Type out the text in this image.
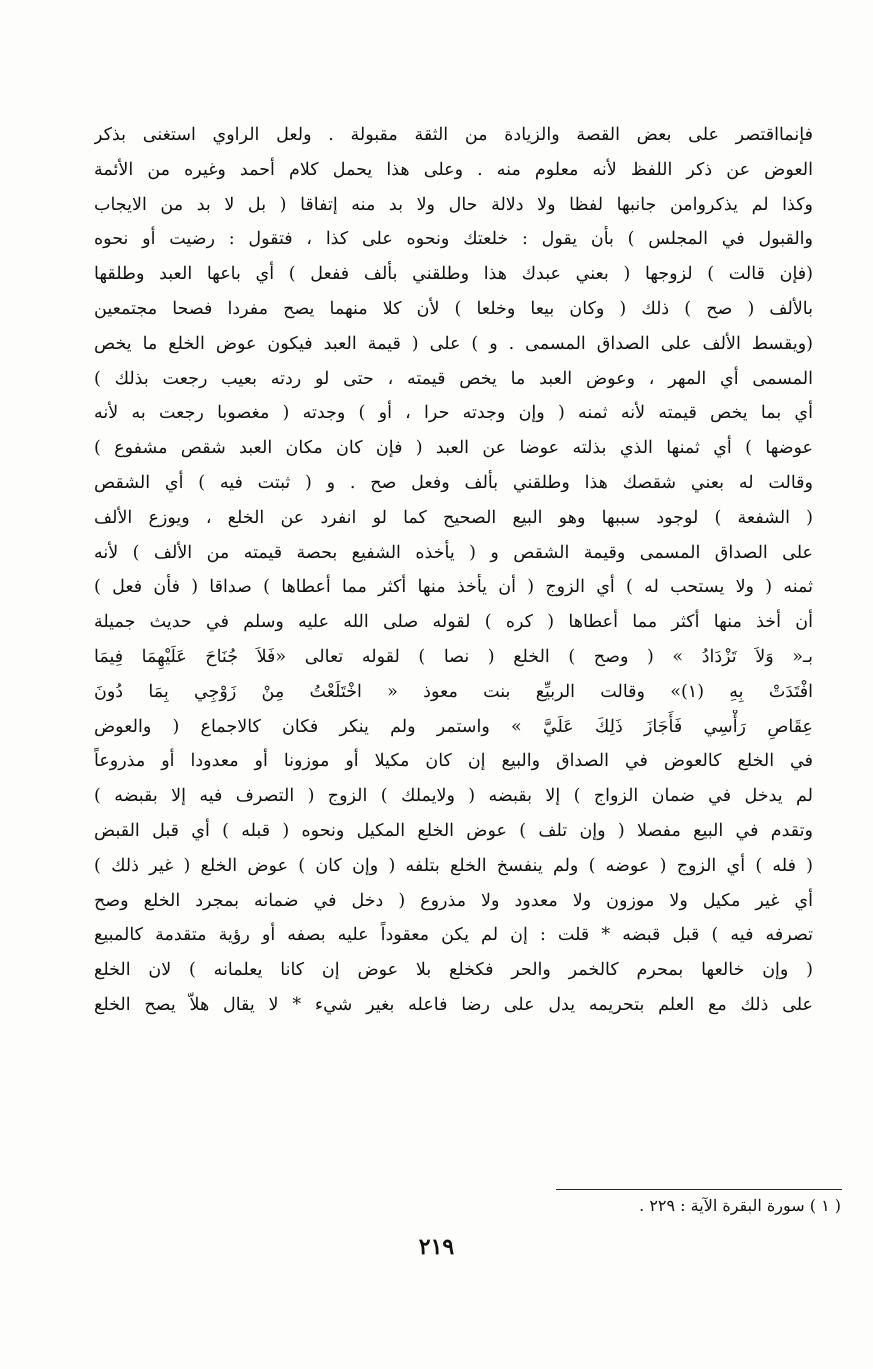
فإنمااقتصر على بعض القصة والزيادة من الثقة مقبولة . ولعل الراوي استغنى بذكر
العوض عن ذكر اللفظ لأنه معلوم منه . وعلى هذا يحمل كلام أحمد وغيره من الأئمة
وكذا لم يذكروامن جانبها لفظا ولا دلالة حال ولا بد منه إتفاقا ( بل لا بد من الايجاب
والقبول في المجلس ) بأن يقول : خلعتك ونحوه على كذا ، فتقول : رضيت أو نحوه
(فإن قالت ) لزوجها ( بعني عبدك هذا وطلقني بألف ففعل ) أي باعها العبد وطلقها
بالألف ( صح ) ذلك ( وكان بيعا وخلعا ) لأن كلا منهما يصح مفردا فصحا مجتمعين
(ويقسط الألف على الصداق المسمى . و ) على ( قيمة العبد فيكون عوض الخلع ما يخص
المسمى أي المهر ، وعوض العبد ما يخص قيمته ، حتى لو ردته بعيب رجعت بذلك )
أي بما يخص قيمته لأنه ثمنه ( وإن وجدته حرا ، أو ) وجدته ( مغصوبا رجعت به لأنه
عوضها ) أي ثمنها الذي بذلته عوضا عن العبد ( فإن كان مكان العبد شقص مشفوع )
وقالت له بعني شقصك هذا وطلقني بألف وفعل صح . و ( ثبتت فيه ) أي الشقص
( الشفعة ) لوجود سببها وهو البيع الصحيح كما لو انفرد عن الخلع ، ويوزع الألف
على الصداق المسمى وقيمة الشقص و ( يأخذه الشفيع بحصة قيمته من الألف ) لأنه
ثمنه ( ولا يستحب له ) أي الزوج ( أن يأخذ منها أكثر مما أعطاها ) صداقا ( فأن فعل )
أن أخذ منها أكثر مما أعطاها ( كره ) لقوله صلى الله عليه وسلم في حديث جميلة
بـ« وَلاَ تَزْدَادُ » ( وصح ) الخلع ( نصا ) لقوله تعالى «فَلاَ جُنَاحَ عَلَيْهِمَا فِيمَا
افْتَدَتْ بِهِ (١)» وقالت الربيِّع بنت معوذ « اخْتَلَعْتُ مِنْ زَوْجِي بِمَا دُونَ
عِقَاصِ رَأْسِي فَأَجَازَ ذَلِكَ عَلَيَّ » واستمر ولم ينكر فكان كالاجماع ( والعوض
في الخلع كالعوض في الصداق والبيع إن كان مكيلا أو موزونا أو معدودا أو مذروعاً
لم يدخل في ضمان الزواج ) إلا بقبضه ( ولايملك ) الزوج ( التصرف فيه إلا بقبضه )
وتقدم في البيع مفصلا ( وإن تلف ) عوض الخلع المكيل ونحوه ( قبله ) أي قبل القبض
( فله ) أي الزوج ( عوضه ) ولم ينفسخ الخلع بتلفه ( وإن كان ) عوض الخلع ( غير ذلك )
أي غير مكيل ولا موزون ولا معدود ولا مذروع ( دخل في ضمانه بمجرد الخلع وصح
تصرفه فيه ) قبل قبضه * قلت : إن لم يكن معقوداً عليه بصفه أو رؤية متقدمة كالمبيع
( وإن خالعها بمحرم كالخمر والحر فكخلع بلا عوض إن كانا يعلمانه ) لان الخلع
على ذلك مع العلم بتحريمه يدل على رضا فاعله بغير شيء * لا يقال هلاّ يصح الخلع
( ١ ) سورة البقرة الآية : ٢٢٩ .
٢١٩
